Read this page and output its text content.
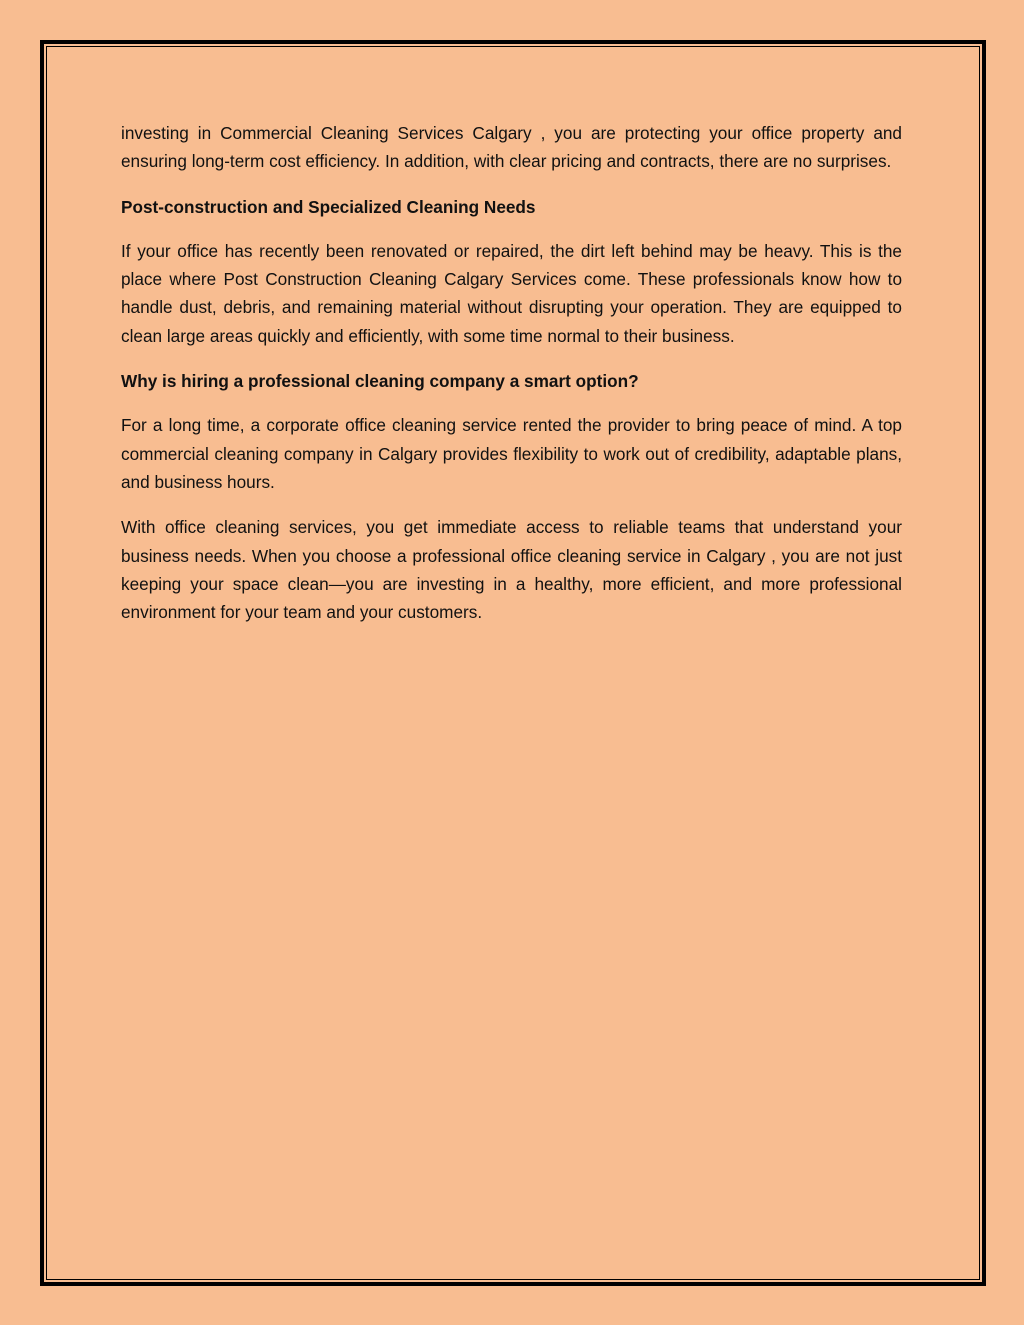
investing in Commercial Cleaning Services Calgary , you are protecting your office property and ensuring long-term cost efficiency. In addition, with clear pricing and contracts, there are no surprises.

Post-construction and Specialized Cleaning Needs

If your office has recently been renovated or repaired, the dirt left behind may be heavy. This is the place where Post Construction Cleaning Calgary Services come. These professionals know how to handle dust, debris, and remaining material without disrupting your operation. They are equipped to clean large areas quickly and efficiently, with some time normal to their business.

Why is hiring a professional cleaning company a smart option?

For a long time, a corporate office cleaning service rented the provider to bring peace of mind. A top commercial cleaning company in Calgary provides flexibility to work out of credibility, adaptable plans, and business hours.

With office cleaning services, you get immediate access to reliable teams that understand your business needs. When you choose a professional office cleaning service in Calgary , you are not just keeping your space clean—you are investing in a healthy, more efficient, and more professional environment for your team and your customers.
